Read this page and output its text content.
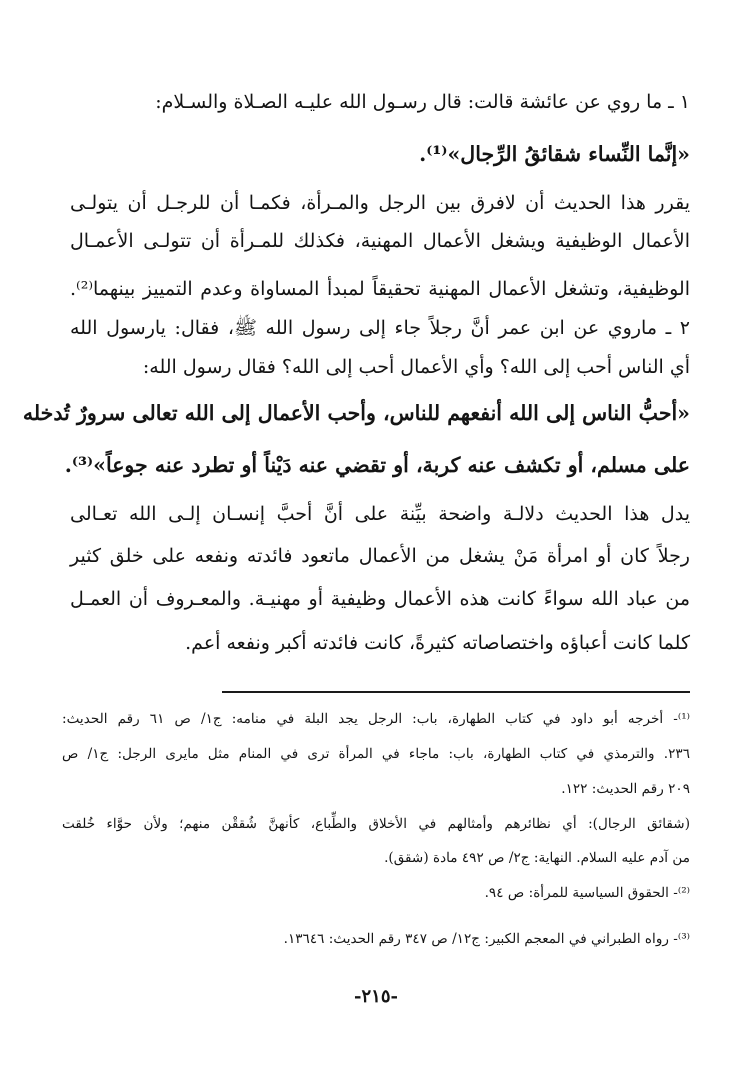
١ ـ ما روي عن عائشة قالت: قال رسـول الله عليـه الصـلاة والسـلام:
«إنَّما النِّساء شقائقُ الرِّجال»⁽¹⁾.
يقرر هذا الحديث أن لافرق بين الرجل والمـرأة، فكمـا أن للرجـل أن يتولـى
الأعمال الوظيفية ويشغل الأعمال المهنية، فكذلك للمـرأة أن تتولـى الأعمـال
الوظيفية، وتشغل الأعمال المهنية تحقيقاً لمبدأ المساواة وعدم التمييز بينهما⁽²⁾.
٢ ـ ماروي عن ابن عمر أنَّ رجلاً جاء إلى رسول الله ﷺ، فقال: يارسول الله
أي الناس أحب إلى الله؟ وأي الأعمال أحب إلى الله؟ فقال رسول الله:
«أحبُّ الناس إلى الله أنفعهم للناس، وأحب الأعمال إلى الله تعالى سرورٌ تُدخله
على مسلم، أو تكشف عنه كربة، أو تقضي عنه دَيْناً أو تطرد عنه جوعاً»⁽³⁾.
يدل هذا الحديث دلالـة واضحة بيِّنة على أنَّ أحبَّ إنسـان إلـى الله تعـالى
رجلاً كان أو امرأة مَنْ يشغل من الأعمال ماتعود فائدته ونفعه على خلق كثير
من عباد الله سواءً كانت هذه الأعمال وظيفية أو مهنيـة. والمعـروف أن العمـل
كلما كانت أعباؤه واختصاصاته كثيرةً، كانت فائدته أكبر ونفعه أعم.
⁽¹⁾- أخرجه أبو داود في كتاب الطهارة، باب: الرجل يجد البلة في منامه: ج١/ ص ٦١ رقم الحديث:
٢٣٦. والترمذي في كتاب الطهارة، باب: ماجاء في المرأة ترى في المنام مثل مايرى الرجل: ج١/ ص
٢٠٩ رقم الحديث: ١٢٢.
(شقائق الرجال): أي نظائرهم وأمثالهم في الأخلاق والطِّباع، كأنهنَّ شُققْن منهم؛ ولأن حوَّاء خُلقت
من آدم عليه السلام. النهاية: ج٢/ ص ٤٩٢ مادة (شقق).
⁽²⁾- الحقوق السياسية للمرأة: ص ٩٤.
⁽³⁾- رواه الطبراني في المعجم الكبير: ج١٢/ ص ٣٤٧ رقم الحديث: ١٣٦٤٦.
-٢١٥-
